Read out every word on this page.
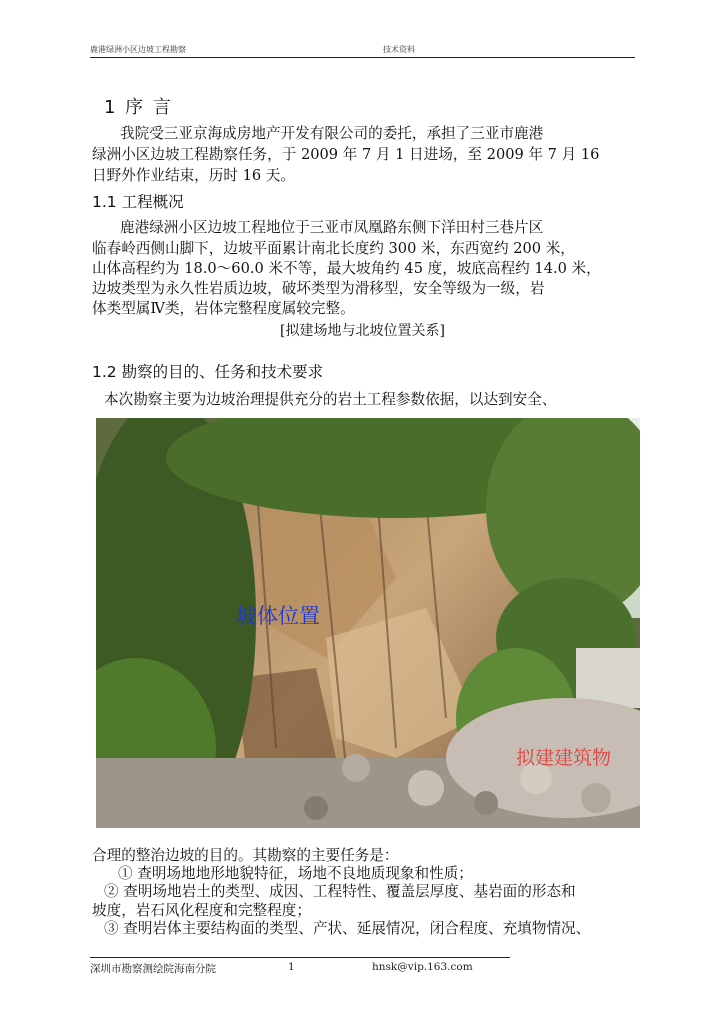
鹿港绿洲小区边坡工程勘察	技术资料
1 序 言
我院受三亚京海成房地产开发有限公司的委托，承担了三亚市鹿港
绿洲小区边坡工程勘察任务，于 2009 年 7 月 1 日进场，至 2009 年 7 月 16
日野外作业结束，历时 16 天。
1.1 工程概况
鹿港绿洲小区边坡工程地位于三亚市凤凰路东侧下洋田村三巷片区
临春岭西侧山脚下，边坡平面累计南北长度约 300 米，东西宽约 200 米，
山体高程约为 18.0～60.0 米不等，最大坡角约 45 度，坡底高程约 14.0 米，
边坡类型为永久性岩质边坡，破坏类型为滑移型，安全等级为一级，岩
体类型属Ⅳ类，岩体完整程度属较完整。
[拟建场地与北坡位置关系]
1.2 勘察的目的、任务和技术要求
本次勘察主要为边坡治理提供充分的岩土工程参数依据，以达到安全、
坡体位置
拟建建筑物
合理的整治边坡的目的。其勘察的主要任务是：
① 查明场地地形地貌特征，场地不良地质现象和性质；
② 查明场地岩土的类型、成因、工程特性、覆盖层厚度、基岩面的形态和
坡度，岩石风化程度和完整程度；
③ 查明岩体主要结构面的类型、产状、延展情况，闭合程度、充填物情况、
深圳市勘察测绘院海南分院	1	hnsk@vip.163.com
